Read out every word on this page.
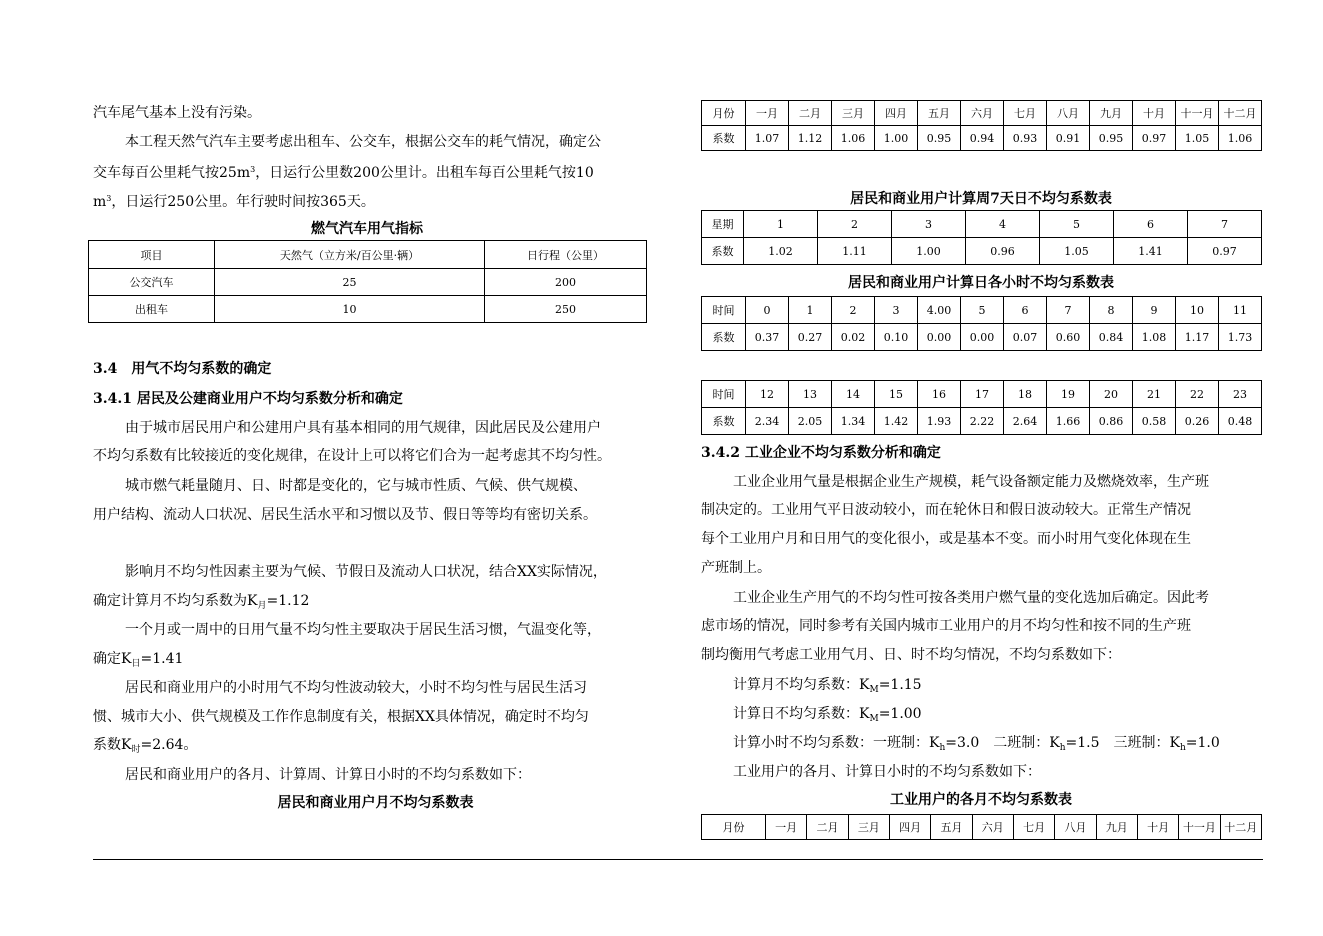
汽车尾气基本上没有污染。
本工程天然气汽车主要考虑出租车、公交车，根据公交车的耗气情况，确定公
交车每百公里耗气按$25m^3$，日运行公里数200公里计。出租车每百公里耗气按10
$m^3$，日运行250公里。年行驶时间按365天。
燃气汽车用气指标
项目	天然气（立方米/百公里·辆）	日行程（公里）
公交汽车	25	200
出租车	10	250
3.4　用气不均匀系数的确定
3.4.1 居民及公建商业用户不均匀系数分析和确定
由于城市居民用户和公建用户具有基本相同的用气规律，因此居民及公建用户
不均匀系数有比较接近的变化规律，在设计上可以将它们合为一起考虑其不均匀性。
城市燃气耗量随月、日、时都是变化的，它与城市性质、气候、供气规模、
用户结构、流动人口状况、居民生活水平和习惯以及节、假日等等均有密切关系。
影响月不均匀性因素主要为气候、节假日及流动人口状况，结合XX实际情况，
确定计算月不均匀系数为$K_月=1.12$
一个月或一周中的日用气量不均匀性主要取决于居民生活习惯，气温变化等，
确定$K_日=1.41$
居民和商业用户的小时用气不均匀性波动较大，小时不均匀性与居民生活习
惯、城市大小、供气规模及工作作息制度有关，根据XX具体情况，确定时不均匀
系数$K_时=2.64$。
居民和商业用户的各月、计算周、计算日小时的不均匀系数如下：
居民和商业用户月不均匀系数表
月份	一月	二月	三月	四月	五月	六月	七月	八月	九月	十月	十一月	十二月
系数	1.07	1.12	1.06	1.00	0.95	0.94	0.93	0.91	0.95	0.97	1.05	1.06
居民和商业用户计算周7天日不均匀系数表
星期	1	2	3	4	5	6	7
系数	1.02	1.11	1.00	0.96	1.05	1.41	0.97
居民和商业用户计算日各小时不均匀系数表
时间	0	1	2	3	4.00	5	6	7	8	9	10	11
系数	0.37	0.27	0.02	0.10	0.00	0.00	0.07	0.60	0.84	1.08	1.17	1.73
时间	12	13	14	15	16	17	18	19	20	21	22	23
系数	2.34	2.05	1.34	1.42	1.93	2.22	2.64	1.66	0.86	0.58	0.26	0.48
3.4.2 工业企业不均匀系数分析和确定
工业企业用气量是根据企业生产规模，耗气设备额定能力及燃烧效率，生产班
制决定的。工业用气平日波动较小，而在轮休日和假日波动较大。正常生产情况
每个工业用户月和日用气的变化很小，或是基本不变。而小时用气变化体现在生
产班制上。
工业企业生产用气的不均匀性可按各类用户燃气量的变化选加后确定。因此考
虑市场的情况，同时参考有关国内城市工业用户的月不均匀性和按不同的生产班
制均衡用气考虑工业用气月、日、时不均匀情况，不均匀系数如下：
计算月不均匀系数：$K_M=1.15$
计算日不均匀系数：$K_M=1.00$
计算小时不均匀系数：一班制：$K_h=3.0$　二班制：$K_h=1.5$　三班制：$K_h=1.0$
工业用户的各月、计算日小时的不均匀系数如下：
工业用户的各月不均匀系数表
月份	一月	二月	三月	四月	五月	六月	七月	八月	九月	十月	十一月	十二月
